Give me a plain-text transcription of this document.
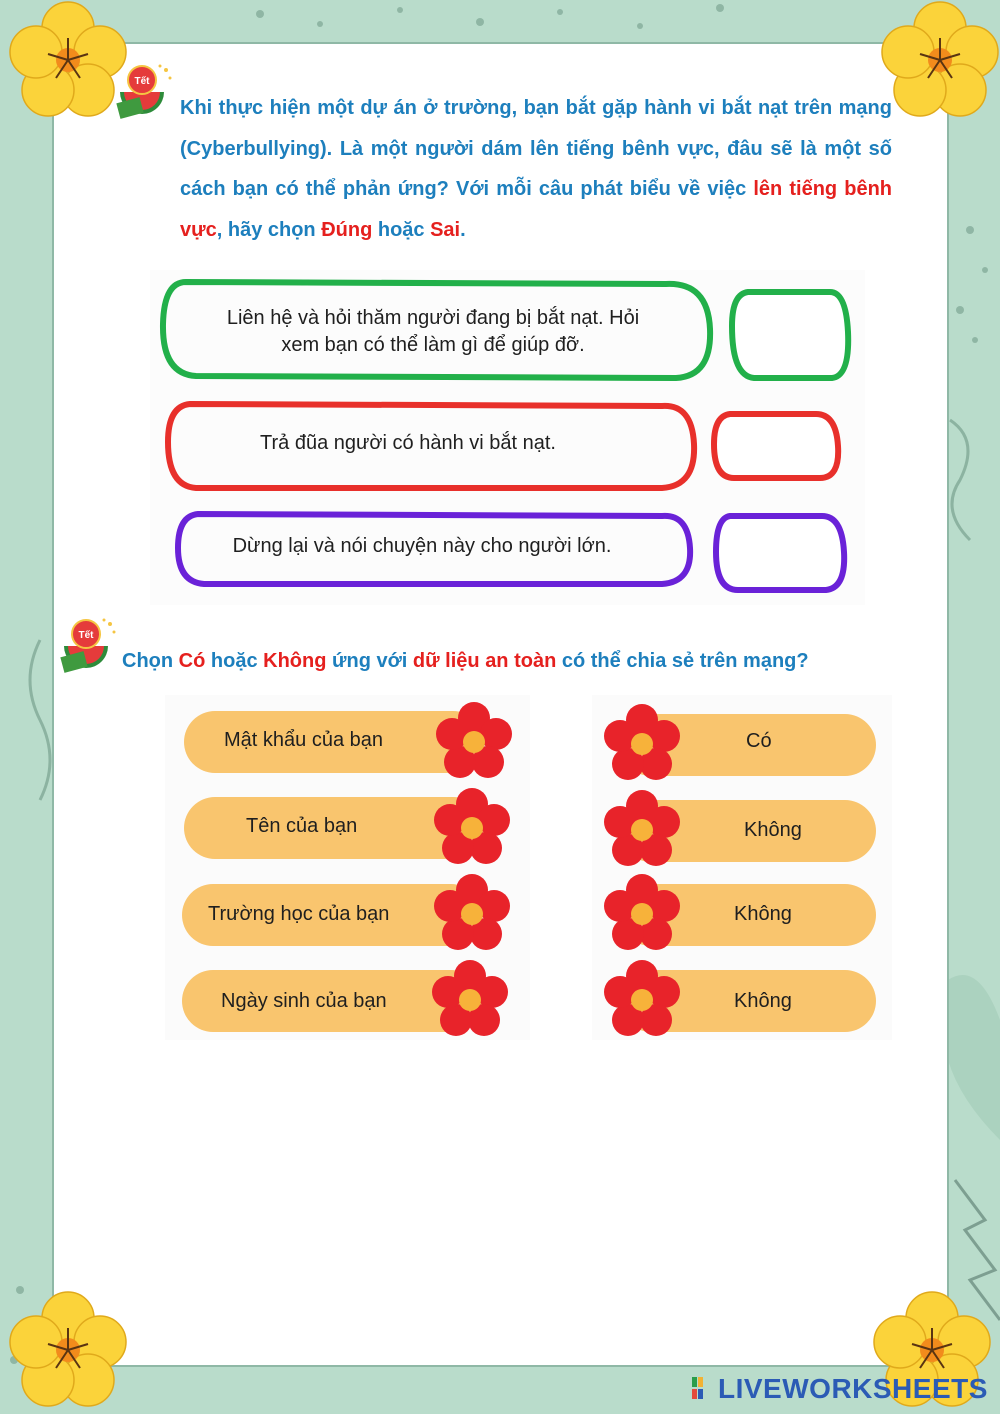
Tết
Khi thực hiện một dự án ở trường, bạn bắt gặp hành vi bắt nạt trên mạng (Cyberbullying). Là một người dám lên tiếng bênh vực, đâu sẽ là một số cách bạn có thể phản ứng? Với mỗi câu phát biểu về việc lên tiếng bênh vực, hãy chọn Đúng hoặc Sai.
Liên hệ và hỏi thăm người đang bị bắt nạt. Hỏi
xem bạn có thể làm gì để giúp đỡ.
Trả đũa người có hành vi bắt nạt.
Dừng lại và nói chuyện này cho người lớn.
Tết
Chọn Có hoặc Không ứng với dữ liệu an toàn có thể chia sẻ trên mạng?
Mật khẩu của bạn
Tên của bạn
Trường học của bạn
Ngày sinh của bạn
Có
Không
Không
Không
LIVEWORKSHEETS
